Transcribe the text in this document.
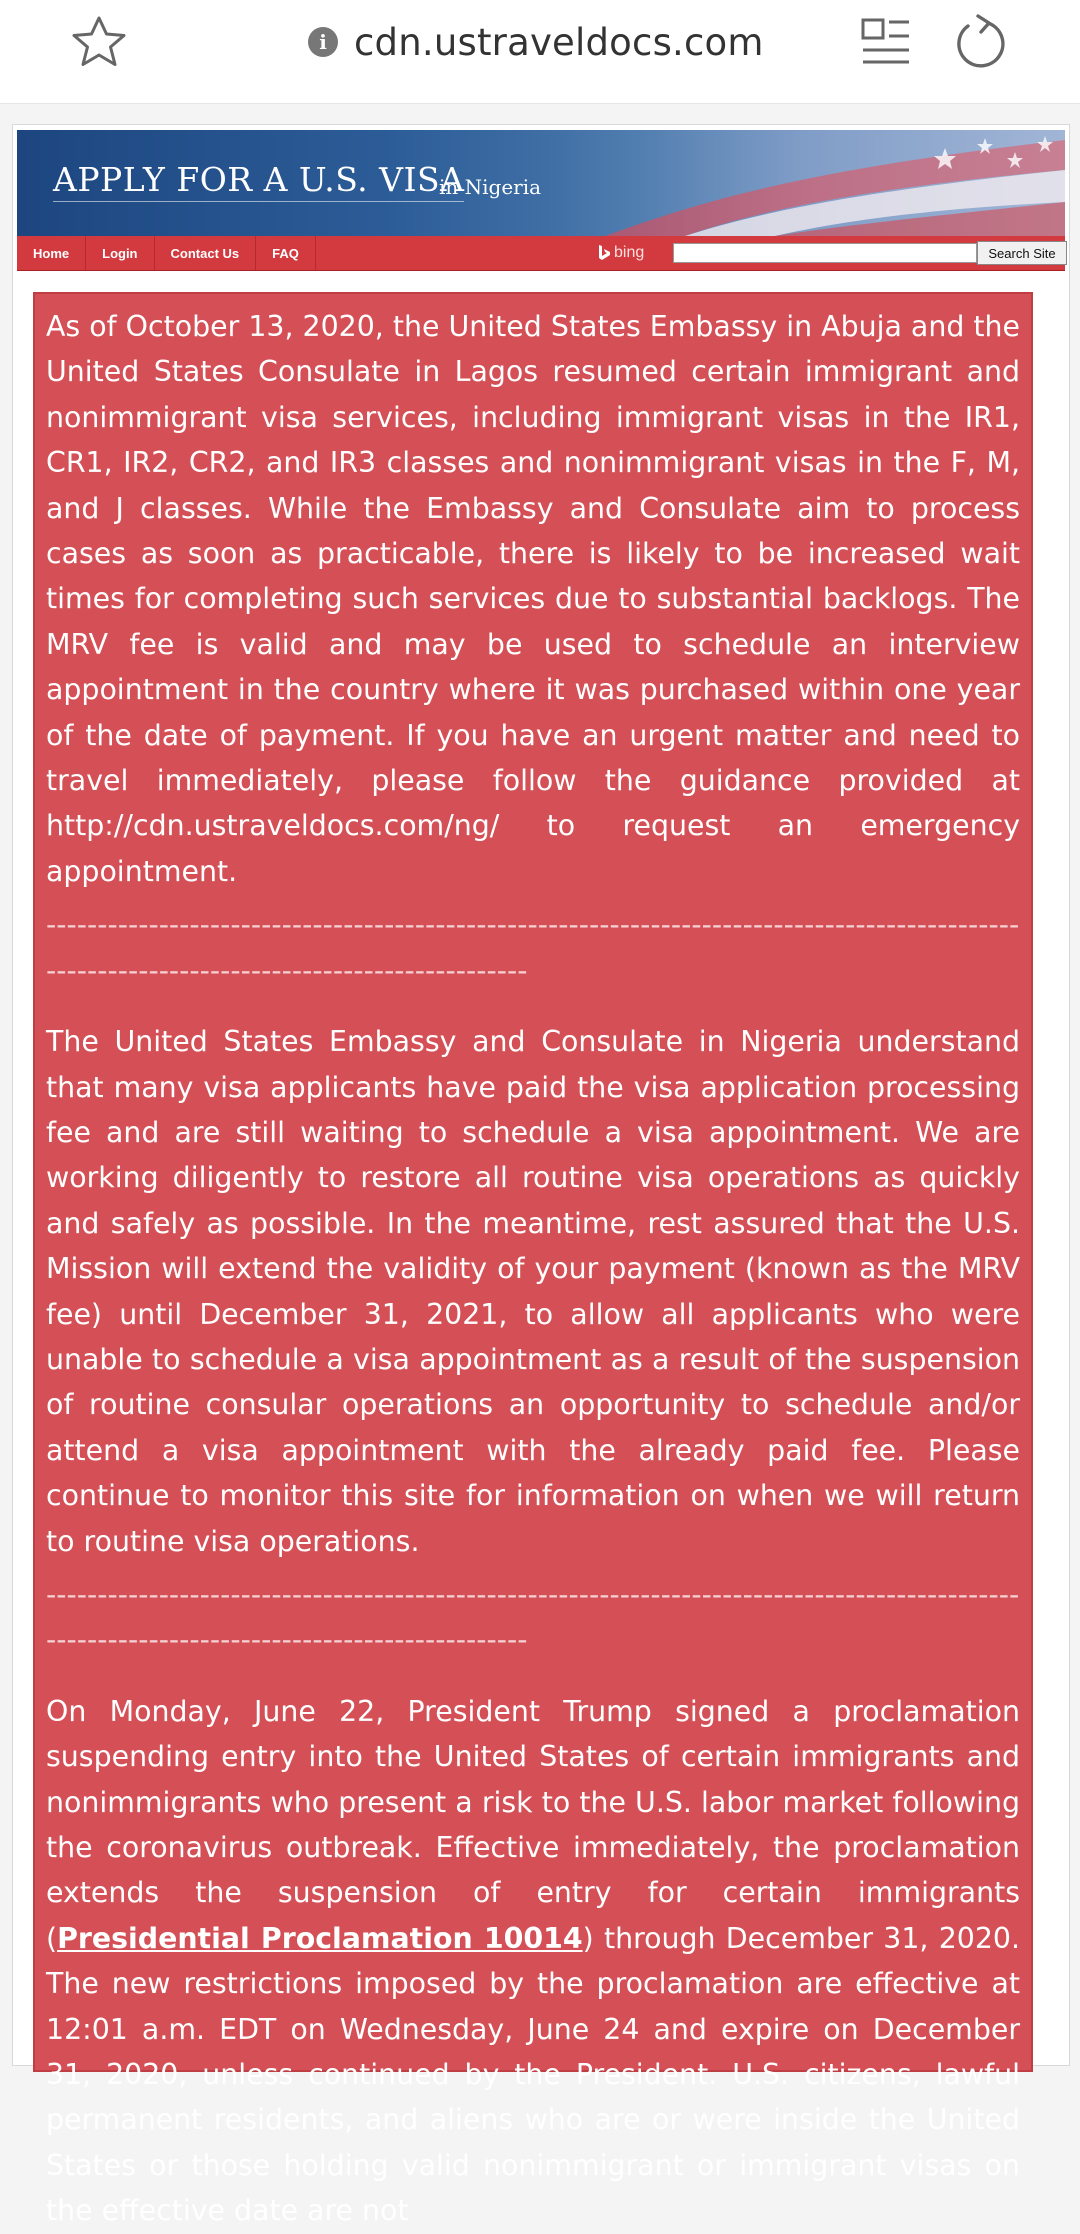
i cdn.ustraveldocs.com
APPLY FOR A U.S. VISA
in Nigeria
Home	Login	Contact Us	FAQ	bing	Search Site

As of October 13, 2020, the United States Embassy in Abuja and the United States Consulate in Lagos resumed certain immigrant and nonimmigrant visa services, including immigrant visas in the IR1, CR1, IR2, CR2, and IR3 classes and nonimmigrant visas in the F, M, and J classes. While the Embassy and Consulate aim to process cases as soon as practicable, there is likely to be increased wait times for completing such services due to substantial backlogs. The MRV fee is valid and may be used to schedule an interview appointment in the country where it was purchased within one year of the date of payment. If you have an urgent matter and need to travel immediately, please follow the guidance provided at http://cdn.ustraveldocs.com/ng/ to request an emergency appointment.

----------------------------------------------------------------------------------------------------------------------------------------------

The United States Embassy and Consulate in Nigeria understand that many visa applicants have paid the visa application processing fee and are still waiting to schedule a visa appointment. We are working diligently to restore all routine visa operations as quickly and safely as possible. In the meantime, rest assured that the U.S. Mission will extend the validity of your payment (known as the MRV fee) until December 31, 2021, to allow all applicants who were unable to schedule a visa appointment as a result of the suspension of routine consular operations an opportunity to schedule and/or attend a visa appointment with the already paid fee. Please continue to monitor this site for information on when we will return to routine visa operations.

----------------------------------------------------------------------------------------------------------------------------------------------

On Monday, June 22, President Trump signed a proclamation suspending entry into the United States of certain immigrants and nonimmigrants who present a risk to the U.S. labor market following the coronavirus outbreak. Effective immediately, the proclamation extends the suspension of entry for certain immigrants (Presidential Proclamation 10014) through December 31, 2020. The new restrictions imposed by the proclamation are effective at 12:01 a.m. EDT on Wednesday, June 24 and expire on December 31, 2020, unless continued by the President. U.S. citizens, lawful permanent residents, and aliens who are or were inside the United States or those holding valid nonimmigrant or immigrant visas on the effective date are not
